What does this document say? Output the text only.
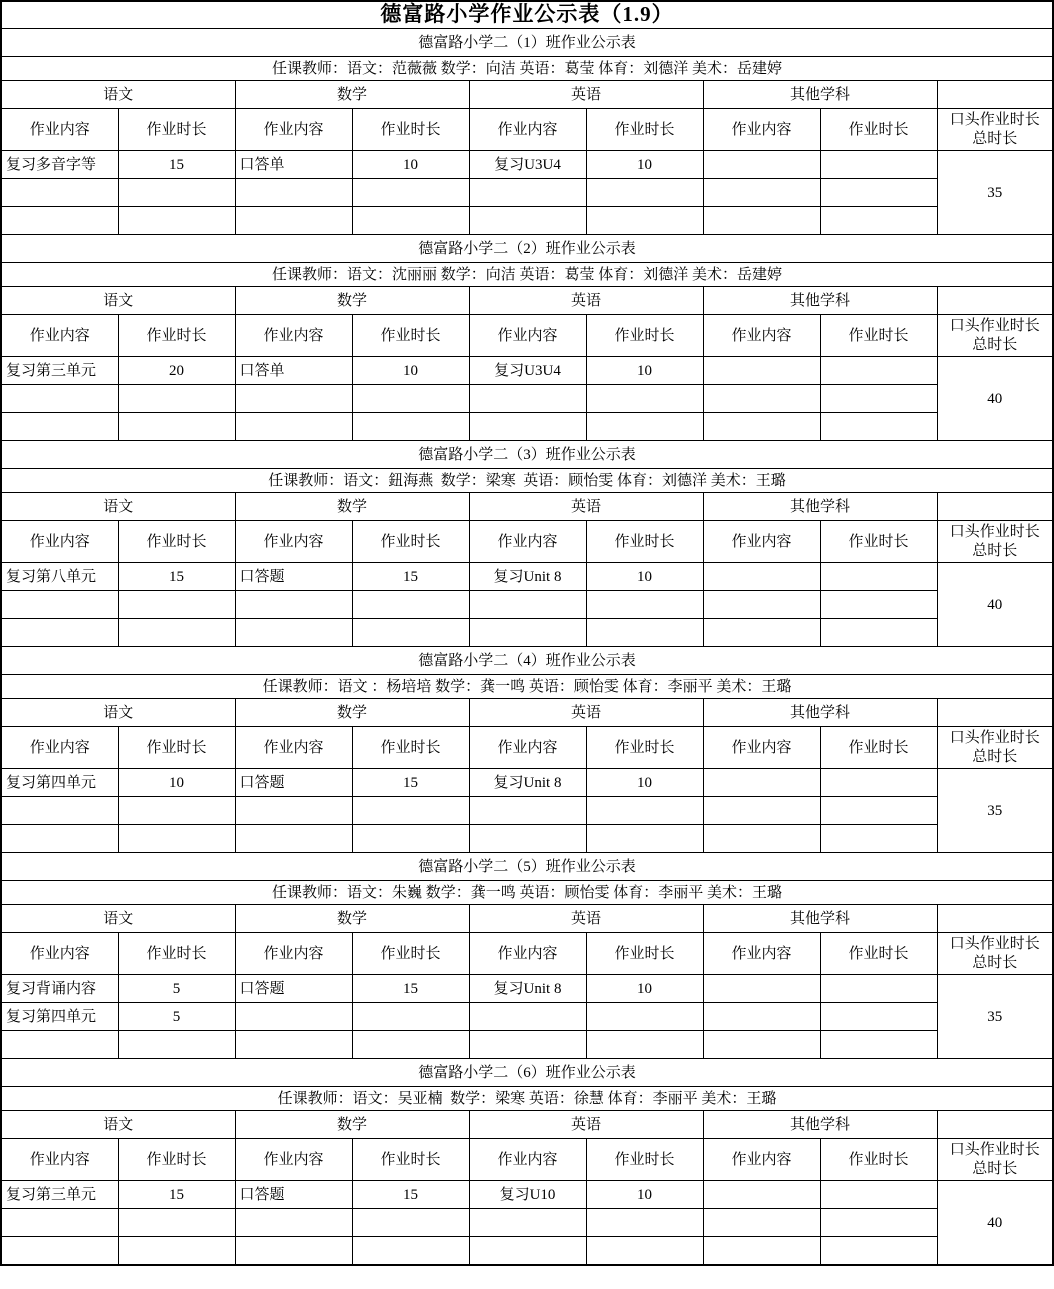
德富路小学作业公示表（1.9）								
德富路小学二（1）班作业公示表								
任课教师：语文：范薇薇 数学：向洁 英语：葛莹 体育：刘德洋 美术：岳建婷								
语文		数学		英语		其他学科		
作业内容	作业时长	作业内容	作业时长	作业内容	作业时长	作业内容	作业时长	口头作业时长
总时长
复习多音字等	15	口答单	10	复习U3U4	10			35

德富路小学二（2）班作业公示表								
任课教师：语文：沈丽丽 数学：向洁 英语：葛莹 体育：刘德洋 美术：岳建婷								
语文		数学		英语		其他学科		
作业内容	作业时长	作业内容	作业时长	作业内容	作业时长	作业内容	作业时长	口头作业时长
总时长
复习第三单元	20	口答单	10	复习U3U4	10			40

德富路小学二（3）班作业公示表								
任课教师：语文：鈕海燕  数学：梁寒  英语：顾怡雯 体育：刘德洋 美术：王璐								
语文		数学		英语		其他学科		
作业内容	作业时长	作业内容	作业时长	作业内容	作业时长	作业内容	作业时长	口头作业时长
总时长
复习第八单元	15	口答题	15	复习Unit 8	10			40

德富路小学二（4）班作业公示表								
任课教师：语文 ：杨培培 数学：龚一鸣 英语：顾怡雯 体育：李丽平 美术：王璐								
语文		数学		英语		其他学科		
作业内容	作业时长	作业内容	作业时长	作业内容	作业时长	作业内容	作业时长	口头作业时长
总时长
复习第四单元	10	口答题	15	复习Unit 8	10			35

德富路小学二（5）班作业公示表								
任课教师：语文：朱巍 数学：龚一鸣 英语：顾怡雯 体育：李丽平 美术：王璐								
语文		数学		英语		其他学科		
作业内容	作业时长	作业内容	作业时长	作业内容	作业时长	作业内容	作业时长	口头作业时长
总时长
复习背诵内容	5	口答题	15	复习Unit 8	10			35
复习第四单元	5							

德富路小学二（6）班作业公示表								
任课教师：语文：吴亚楠  数学：梁寒 英语：徐慧 体育：李丽平 美术：王璐								
语文		数学		英语		其他学科		
作业内容	作业时长	作业内容	作业时长	作业内容	作业时长	作业内容	作业时长	口头作业时长
总时长
复习第三单元	15	口答题	15	复习U10	10			40
